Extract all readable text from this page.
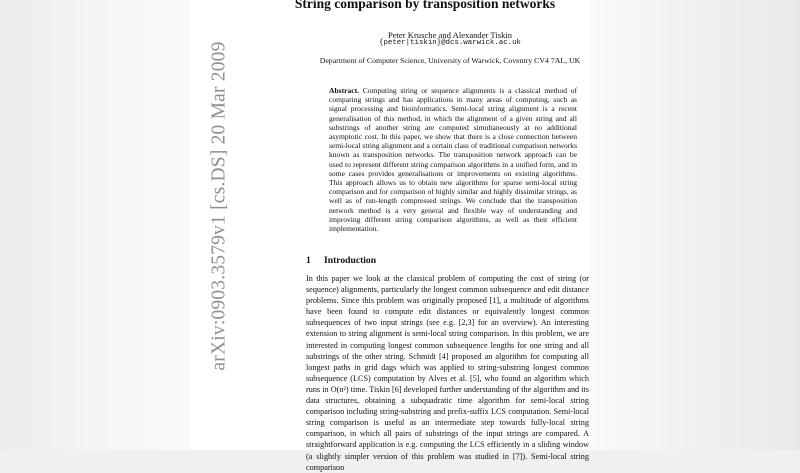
arXiv:0903.3579v1 [cs.DS] 20 Mar 2009
String comparison by transposition networks
Peter Krusche and Alexander Tiskin
{peter|tiskin}@dcs.warwick.ac.uk
Department of Computer Science, University of Warwick, Coventry CV4 7AL, UK
Abstract. Computing string or sequence alignments is a classical method of comparing strings and has applications in many areas of computing, such as signal processing and bioinformatics. Semi-local string alignment is a recent generalisation of this method, in which the alignment of a given string and all substrings of another string are computed simultaneously at no additional asymptotic cost. In this paper, we show that there is a close connection between semi-local string alignment and a certain class of traditional comparison networks known as transposition networks. The transposition network approach can be used to represent different string comparison algorithms in a unified form, and in some cases provides generalisations or improvements on existing algorithms. This approach allows us to obtain new algorithms for sparse semi-local string comparison and for comparison of highly similar and highly dissimilar strings, as well as of run-length compressed strings. We conclude that the transposition network method is a very general and flexible way of understanding and improving different string comparison algorithms, as well as their efficient implementation.
1 Introduction
In this paper we look at the classical problem of computing the cost of string (or sequence) alignments, particularly the longest common subsequence and edit distance problems. Since this problem was originally proposed [1], a multitude of algorithms have been found to compute edit distances or equivalently longest common subsequences of two input strings (see e.g. [2,3] for an overview). An interesting extension to string alignment is semi-local string comparison. In this problem, we are interested in computing longest common subsequence lengths for one string and all substrings of the other string. Schmidt [4] proposed an algorithm for computing all longest paths in grid dags which was applied to string-substring longest common subsequence (LCS) computation by Alves et al. [5], who found an algorithm which runs in O(n²) time. Tiskin [6] developed further understanding of the algorithm and its data structures, obtaining a subquadratic time algorithm for semi-local string comparison including string-substring and prefix-suffix LCS computation. Semi-local string comparison is useful as an intermediate step towards fully-local string comparison, in which all pairs of substrings of the input strings are compared. A straightforward application is e.g. computing the LCS efficiently in a sliding window (a slightly simpler version of this problem was studied in [7]). Semi-local string comparison
